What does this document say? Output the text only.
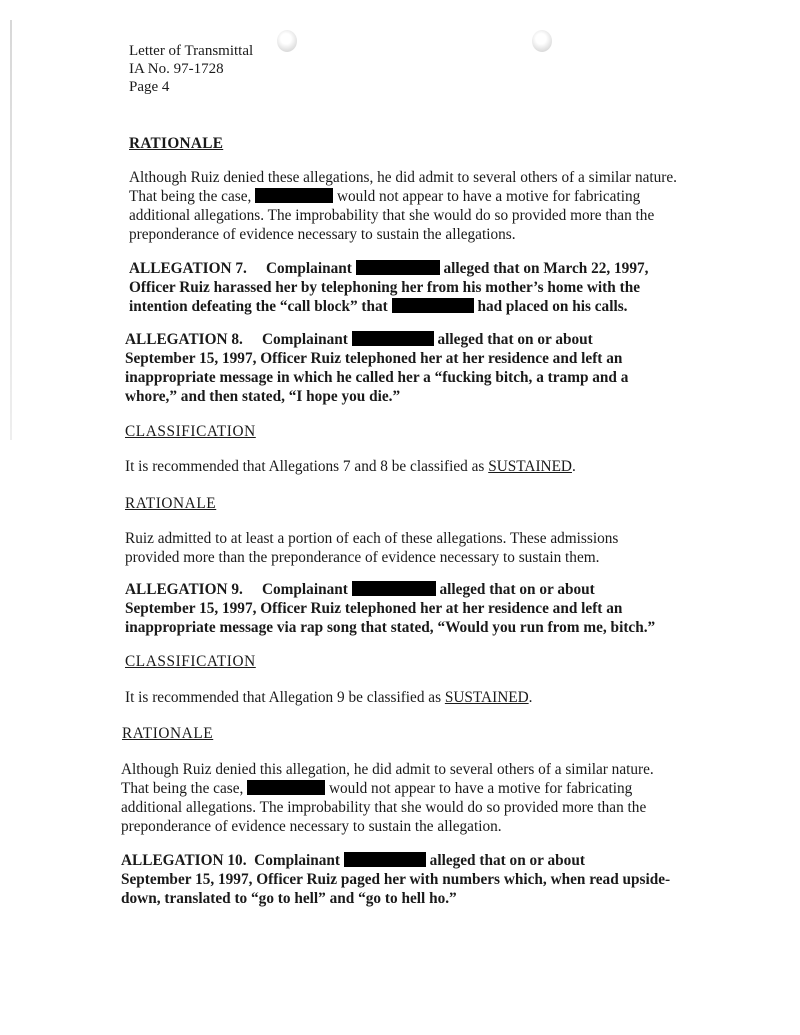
Letter of Transmittal
IA No. 97-1728
Page 4
RATIONALE
Although Ruiz denied these allegations, he did admit to several others of a similar nature.
That being the case,	would not appear to have a motive for fabricating
additional allegations. The improbability that she would do so provided more than the
preponderance of evidence necessary to sustain the allegations.
ALLEGATION 7.     Complainant	alleged that on March 22, 1997,
Officer Ruiz harassed her by telephoning her from his mother’s home with the
intention defeating the “call block” that	had placed on his calls.
ALLEGATION 8.     Complainant	alleged that on or about
September 15, 1997, Officer Ruiz telephoned her at her residence and left an
inappropriate message in which he called her a “fucking bitch, a tramp and a
whore,” and then stated, “I hope you die.”
CLASSIFICATION
It is recommended that Allegations 7 and 8 be classified as SUSTAINED.
RATIONALE
Ruiz admitted to at least a portion of each of these allegations. These admissions
provided more than the preponderance of evidence necessary to sustain them.
ALLEGATION 9.     Complainant	alleged that on or about
September 15, 1997, Officer Ruiz telephoned her at her residence and left an
inappropriate message via rap song that stated, “Would you run from me, bitch.”
CLASSIFICATION
It is recommended that Allegation 9 be classified as SUSTAINED.
RATIONALE
Although Ruiz denied this allegation, he did admit to several others of a similar nature.
That being the case,	would not appear to have a motive for fabricating
additional allegations. The improbability that she would do so provided more than the
preponderance of evidence necessary to sustain the allegation.
ALLEGATION 10.  Complainant	alleged that on or about
September 15, 1997, Officer Ruiz paged her with numbers which, when read upside-
down, translated to “go to hell” and “go to hell ho.”
